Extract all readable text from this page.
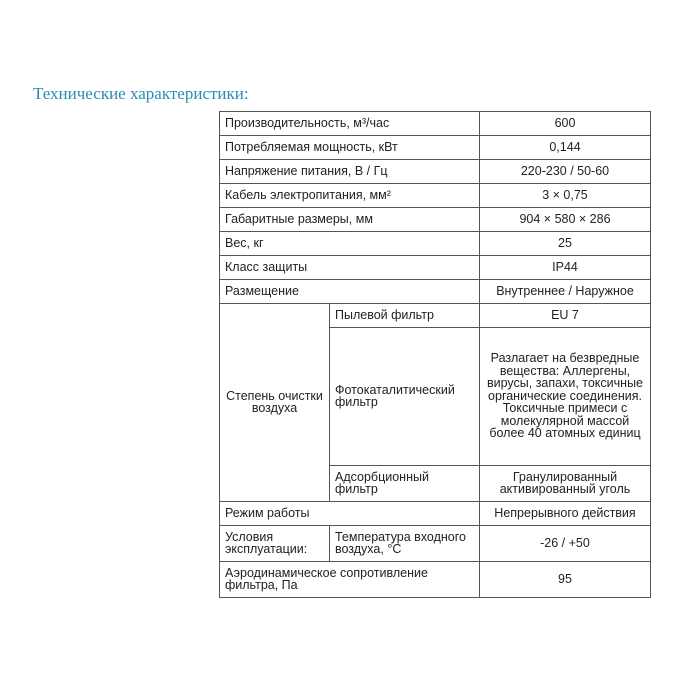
Технические характеристики:
Производительность, м³/час		600
Потребляемая мощность, кВт		0,144
Напряжение питания, В / Гц		220-230 / 50-60
Кабель электропитания, мм²		3 × 0,75
Габаритные размеры, мм		904 × 580 × 286
Вес, кг		25
Класс защиты		IP44
Размещение		Внутреннее / Наружное
Степень очистки воздуха	Пылевой фильтр	EU 7
	Фотокаталитический фильтр	Разлагает на безвредные вещества: Аллергены, вирусы, запахи, токсичные органические соединения. Токсичные примеси с молекулярной массой более 40 атомных единиц
	Адсорбционный фильтр	Гранулированный активированный уголь
Режим работы		Непрерывного действия
Условия эксплуатации:	Температура входного воздуха, °С	-26 / +50
Аэродинамическое сопротивление фильтра, Па		95
